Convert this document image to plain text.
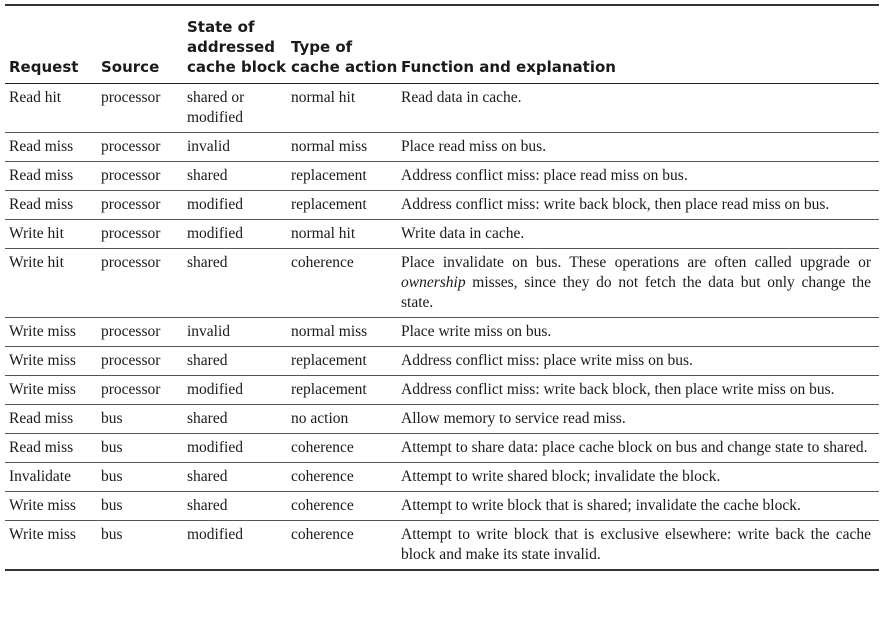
Request	Source	State of addressed cache block	Type of cache action	Function and explanation
Read hit	processor	shared or modified	normal hit	Read data in cache.
Read miss	processor	invalid	normal miss	Place read miss on bus.
Read miss	processor	shared	replacement	Address conflict miss: place read miss on bus.
Read miss	processor	modified	replacement	Address conflict miss: write back block, then place read miss on bus.
Write hit	processor	modified	normal hit	Write data in cache.
Write hit	processor	shared	coherence	Place invalidate on bus. These operations are often called upgrade or ownership misses, since they do not fetch the data but only change the state.
Write miss	processor	invalid	normal miss	Place write miss on bus.
Write miss	processor	shared	replacement	Address conflict miss: place write miss on bus.
Write miss	processor	modified	replacement	Address conflict miss: write back block, then place write miss on bus.
Read miss	bus	shared	no action	Allow memory to service read miss.
Read miss	bus	modified	coherence	Attempt to share data: place cache block on bus and change state to shared.
Invalidate	bus	shared	coherence	Attempt to write shared block; invalidate the block.
Write miss	bus	shared	coherence	Attempt to write block that is shared; invalidate the cache block.
Write miss	bus	modified	coherence	Attempt to write block that is exclusive elsewhere: write back the cache block and make its state invalid.
